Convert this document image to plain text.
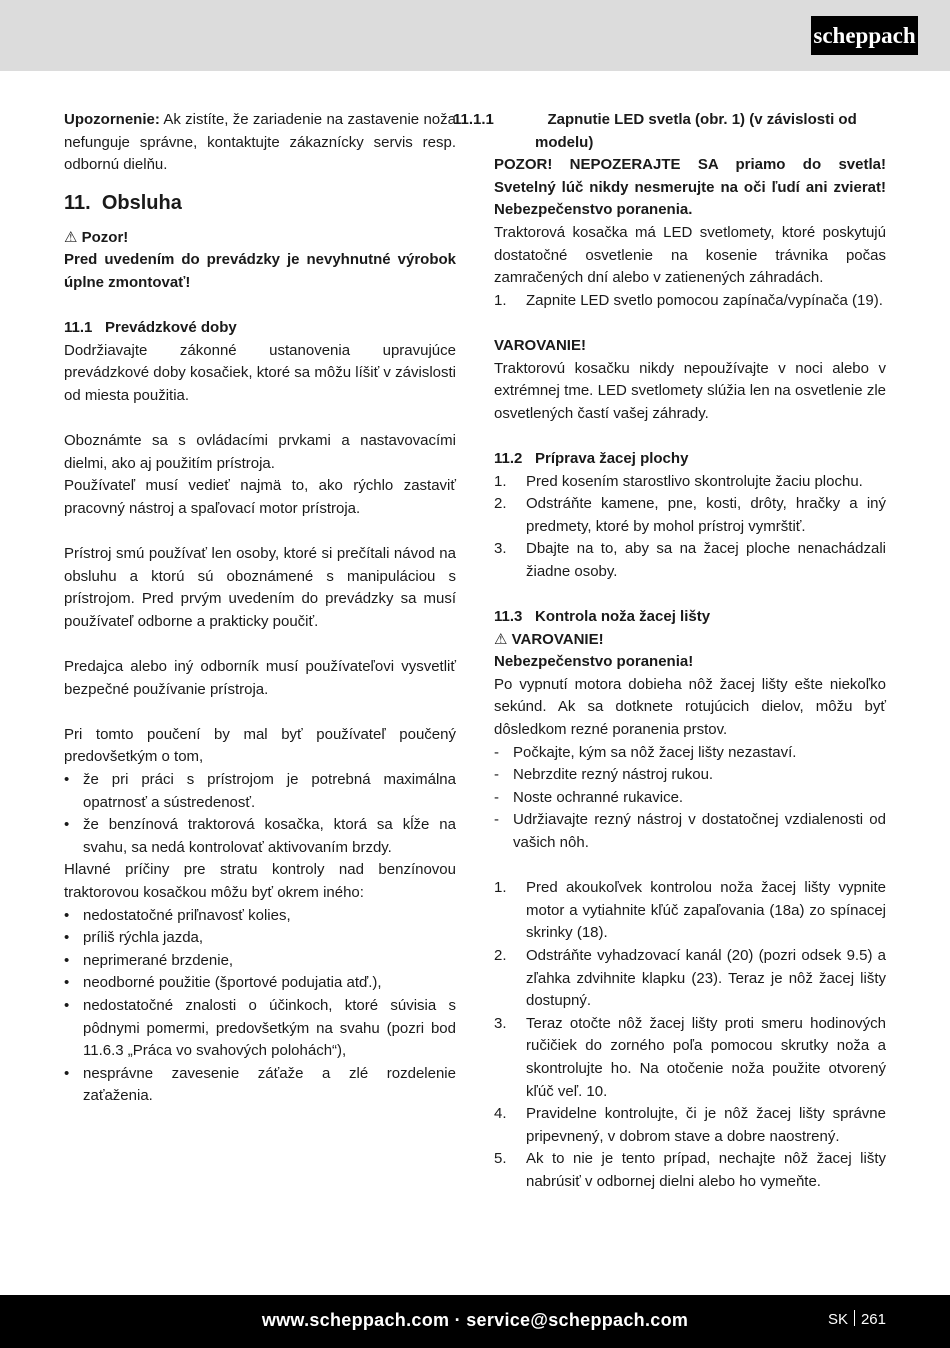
scheppach

Upozornenie: Ak zistíte, že zariadenie na zastavenie noža nefunguje správne, kontaktujte zákaznícky servis resp. odbornú dielňu.

11. Obsluha

⚠ Pozor!

Pred uvedením do prevádzky je nevyhnutné výrobok úplne zmontovať!

11.1 Prevádzkové doby

Dodržiavajte zákonné ustanovenia upravujúce prevádzkové doby kosačiek, ktoré sa môžu líšiť v závislosti od miesta použitia.

Oboznámte sa s ovládacími prvkami a nastavovacími dielmi, ako aj použitím prístroja.

Používateľ musí vedieť najmä to, ako rýchlo zastaviť pracovný nástroj a spaľovací motor prístroja.

Prístroj smú používať len osoby, ktoré si prečítali návod na obsluhu a ktorú sú oboznámené s manipuláciou s prístrojom. Pred prvým uvedením do prevádzky sa musí používateľ odborne a prakticky poučiť.

Predajca alebo iný odborník musí používateľovi vysvetliť bezpečné používanie prístroja.

Pri tomto poučení by mal byť používateľ poučený predovšetkým o tom,

• že pri práci s prístrojom je potrebná maximálna opatrnosť a sústredenosť.
• že benzínová traktorová kosačka, ktorá sa kĺže na svahu, sa nedá kontrolovať aktivovaním brzdy.

Hlavné príčiny pre stratu kontroly nad benzínovou traktorovou kosačkou môžu byť okrem iného:

• nedostatočné priľnavosť kolies,
• príliš rýchla jazda,
• neprimerané brzdenie,
• neodborné použitie (športové podujatia atď.),
• nedostatočné znalosti o účinkoch, ktoré súvisia s pôdnymi pomermi, predovšetkým na svahu (pozri bod 11.6.3 „Práca vo svahových polohách“),
• nesprávne zavesenie záťaže a zlé rozdelenie zaťaženia.

11.1.1	Zapnutie LED svetla (obr. 1) (v závislosti od modelu)

POZOR! NEPOZERAJTE SA priamo do svetla! Svetelný lúč nikdy nesmerujte na oči ľudí ani zvierat! Nebezpečenstvo poranenia.

Traktorová kosačka má LED svetlomety, ktoré poskytujú dostatočné osvetlenie na kosenie trávnika počas zamračených dní alebo v zatienených záhradách.

1. Zapnite LED svetlo pomocou zapínača/vypínača (19).

VAROVANIE!

Traktorovú kosačku nikdy nepoužívajte v noci alebo v extrémnej tme. LED svetlomety slúžia len na osvetlenie zle osvetlených častí vašej záhrady.

11.2 Príprava žacej plochy

1. Pred kosením starostlivo skontrolujte žaciu plochu.
2. Odstráňte kamene, pne, kosti, drôty, hračky a iný predmety, ktoré by mohol prístroj vymrštiť.
3. Dbajte na to, aby sa na žacej ploche nenachádzali žiadne osoby.

11.3 Kontrola noža žacej lišty

⚠ VAROVANIE!

Nebezpečenstvo poranenia!

Po vypnutí motora dobieha nôž žacej lišty ešte niekoľko sekúnd. Ak sa dotknete rotujúcich dielov, môžu byť dôsledkom rezné poranenia prstov.

- Počkajte, kým sa nôž žacej lišty nezastaví.
- Nebrzdite rezný nástroj rukou.
- Noste ochranné rukavice.
- Udržiavajte rezný nástroj v dostatočnej vzdialenosti od vašich nôh.
1. Pred akoukoľvek kontrolou noža žacej lišty vypnite motor a vytiahnite kľúč zapaľovania (18a) zo spínacej skrinky (18).
2. Odstráňte vyhadzovací kanál (20) (pozri odsek 9.5) a zľahka zdvihnite klapku (23). Teraz je nôž žacej lišty dostupný.
3. Teraz otočte nôž žacej lišty proti smeru hodinových ručičiek do zorného poľa pomocou skrutky noža a skontrolujte ho. Na otočenie noža použite otvorený kľúč veľ. 10.
4. Pravidelne kontrolujte, či je nôž žacej lišty správne pripevnený, v dobrom stave a dobre naostrený.
5. Ak to nie je tento prípad, nechajte nôž žacej lišty nabrúsiť v odbornej dielni alebo ho vymeňte.
www.scheppach.com · service@scheppach.com	SK 261
